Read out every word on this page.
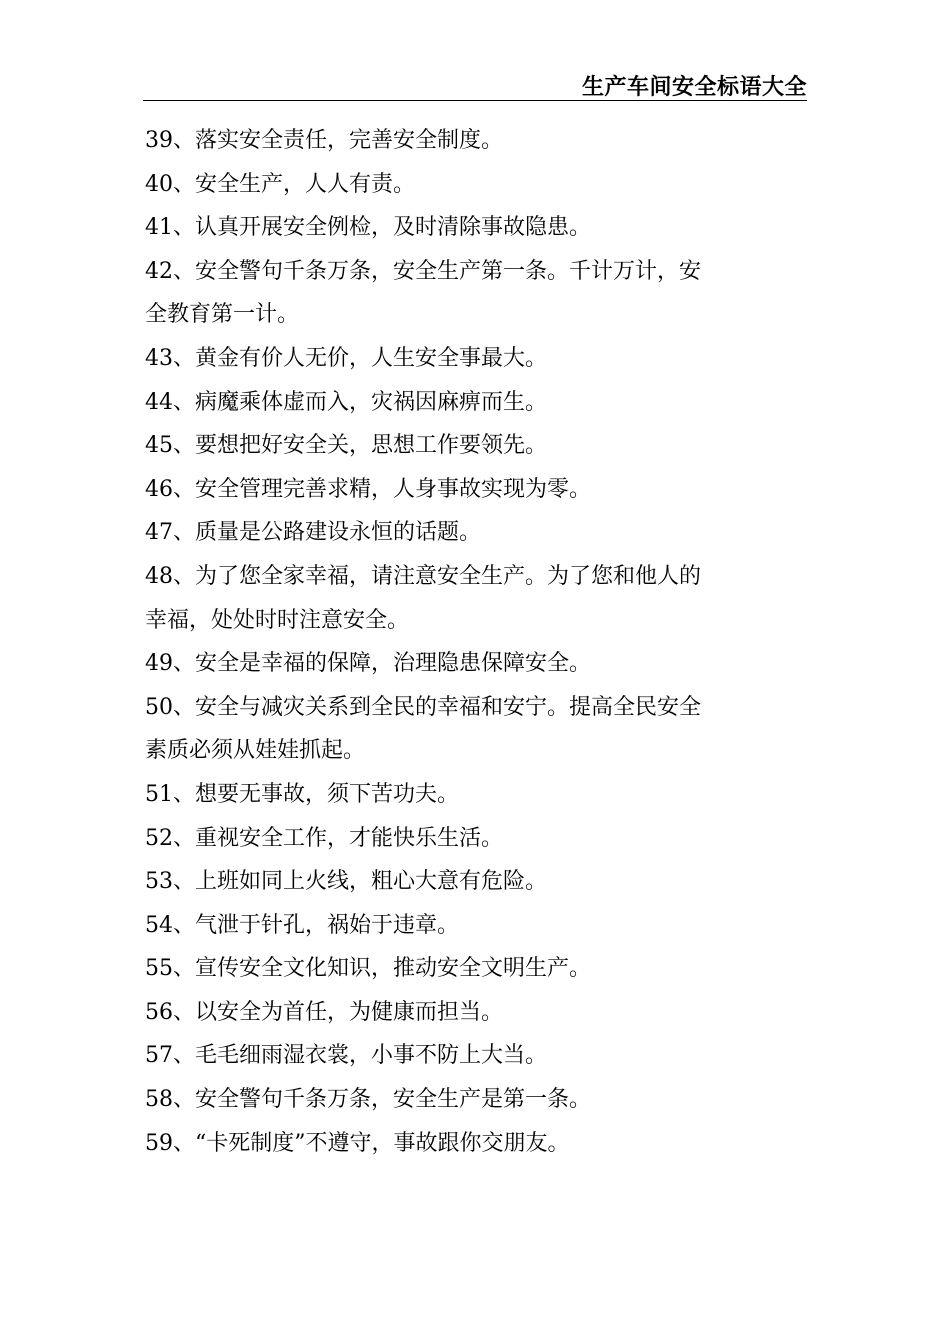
生产车间安全标语大全
39、落实安全责任，完善安全制度。
40、安全生产，人人有责。
41、认真开展安全例检，及时清除事故隐患。
42、安全警句千条万条，安全生产第一条。千计万计，安
全教育第一计。
43、黄金有价人无价，人生安全事最大。
44、病魔乘体虚而入，灾祸因麻痹而生。
45、要想把好安全关，思想工作要领先。
46、安全管理完善求精，人身事故实现为零。
47、质量是公路建设永恒的话题。
48、为了您全家幸福，请注意安全生产。为了您和他人的
幸福，处处时时注意安全。
49、安全是幸福的保障，治理隐患保障安全。
50、安全与减灾关系到全民的幸福和安宁。提高全民安全
素质必须从娃娃抓起。
51、想要无事故，须下苦功夫。
52、重视安全工作，才能快乐生活。
53、上班如同上火线，粗心大意有危险。
54、气泄于针孔，祸始于违章。
55、宣传安全文化知识，推动安全文明生产。
56、以安全为首任，为健康而担当。
57、毛毛细雨湿衣裳，小事不防上大当。
58、安全警句千条万条，安全生产是第一条。
59、“卡死制度”不遵守，事故跟你交朋友。
